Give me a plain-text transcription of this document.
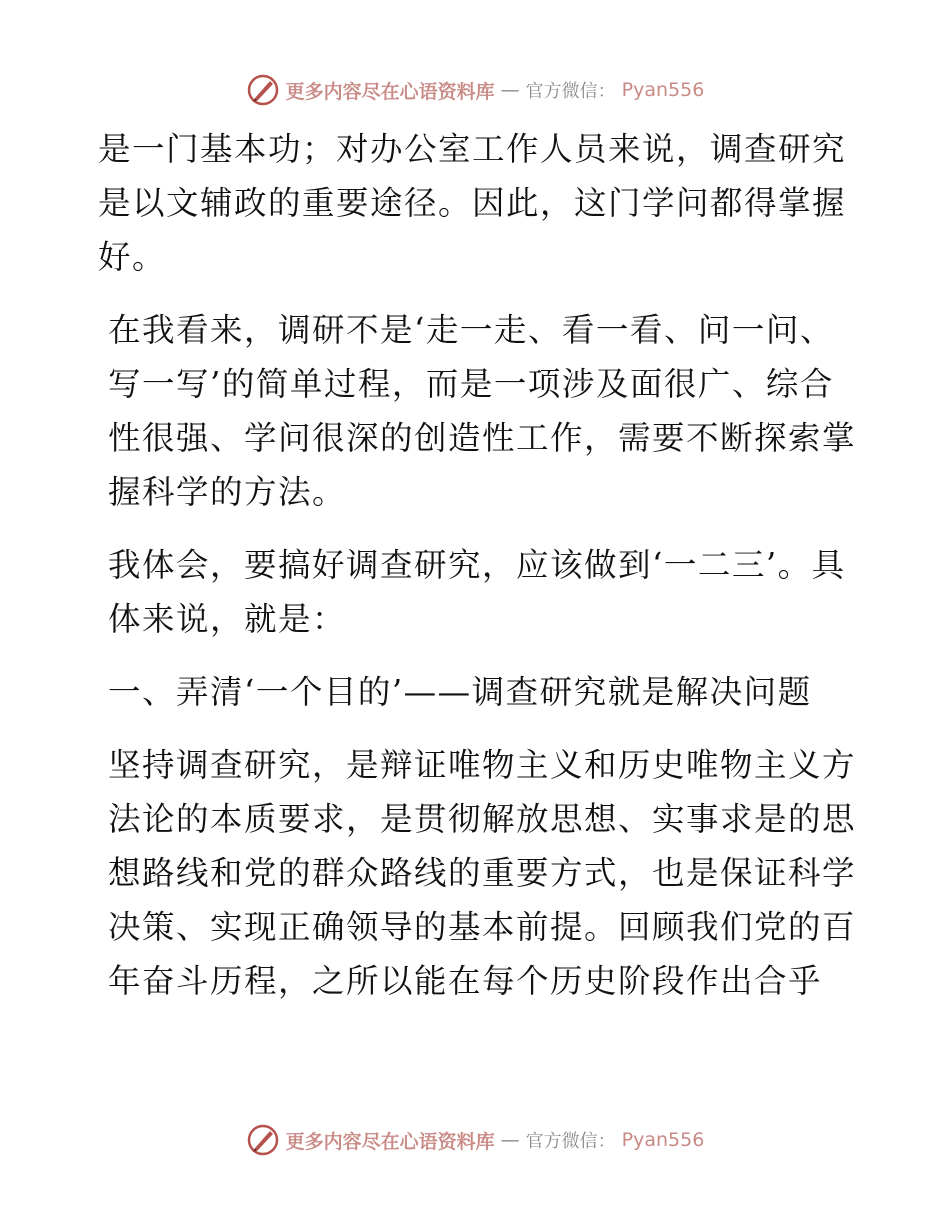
更多内容尽在心语资料库 — 官方微信： Pyan556

是一门基本功；对办公室工作人员来说，调查研究是以文辅政的重要途径。因此，这门学问都得掌握好。

在我看来，调研不是‘走一走、看一看、问一问、写一写’的简单过程，而是一项涉及面很广、综合性很强、学问很深的创造性工作，需要不断探索掌握科学的方法。

我体会，要搞好调查研究，应该做到‘一二三’。具体来说，就是：

一、弄清‘一个目的’——调查研究就是解决问题

坚持调查研究，是辩证唯物主义和历史唯物主义方法论的本质要求，是贯彻解放思想、实事求是的思想路线和党的群众路线的重要方式，也是保证科学决策、实现正确领导的基本前提。回顾我们党的百年奋斗历程，之所以能在每个历史阶段作出合乎

更多内容尽在心语资料库 — 官方微信： Pyan556
